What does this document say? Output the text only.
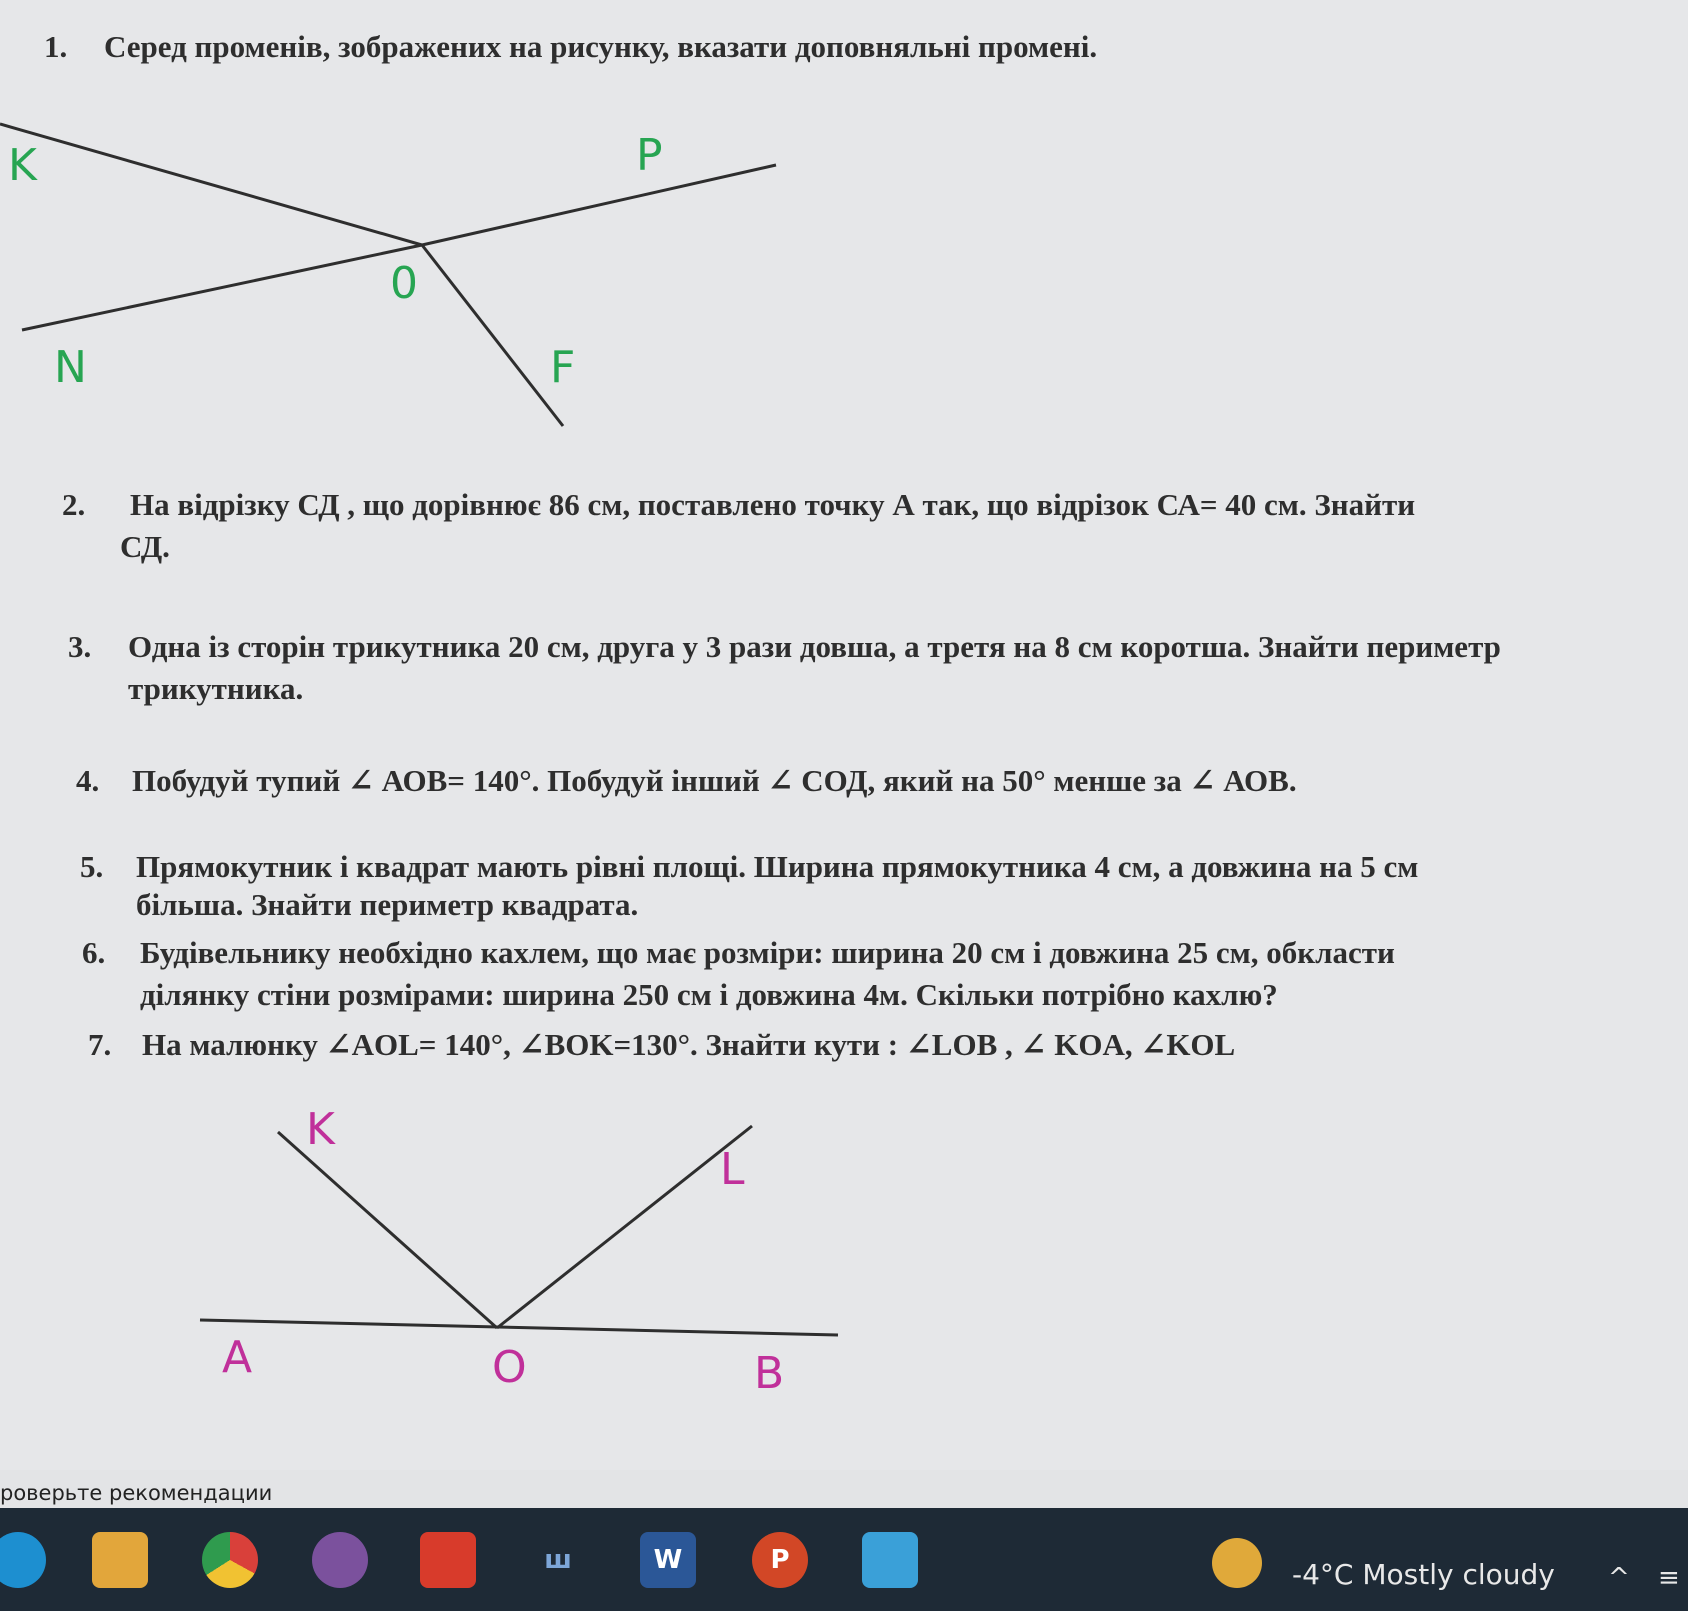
1. Серед променів, зображених на рисунку, вказати доповняльні промені.
K	P
0
N	F
2. На відрізку СД , що дорівнює 86 см, поставлено точку А так, що відрізок СА= 40 см. Знайти
СД.
3. Одна із сторін трикутника 20 см, друга у 3 рази довша, а третя на 8 см коротша. Знайти периметр
трикутника.
4. Побудуй тупий ∠ АОВ= 140°. Побудуй інший ∠ СОД, який на 50° менше за ∠ АОВ.
5. Прямокутник і квадрат мають рівні площі. Ширина прямокутника 4 см, а довжина на 5 см
більша. Знайти периметр квадрата.
6. Будівельнику необхідно кахлем, що має розміри: ширина 20 см і довжина 25 см, обкласти
ділянку стіни розмірами: ширина 250 см і довжина 4м. Скільки потрібно кахлю?
7. На малюнку ∠AOL= 140°, ∠BOK=130°. Знайти кути : ∠LOB , ∠ KOA, ∠KOL
K
L
A	O	B
роверьте рекомендации
ш	W	P	-4°C Mostly cloudy ^ ≡
